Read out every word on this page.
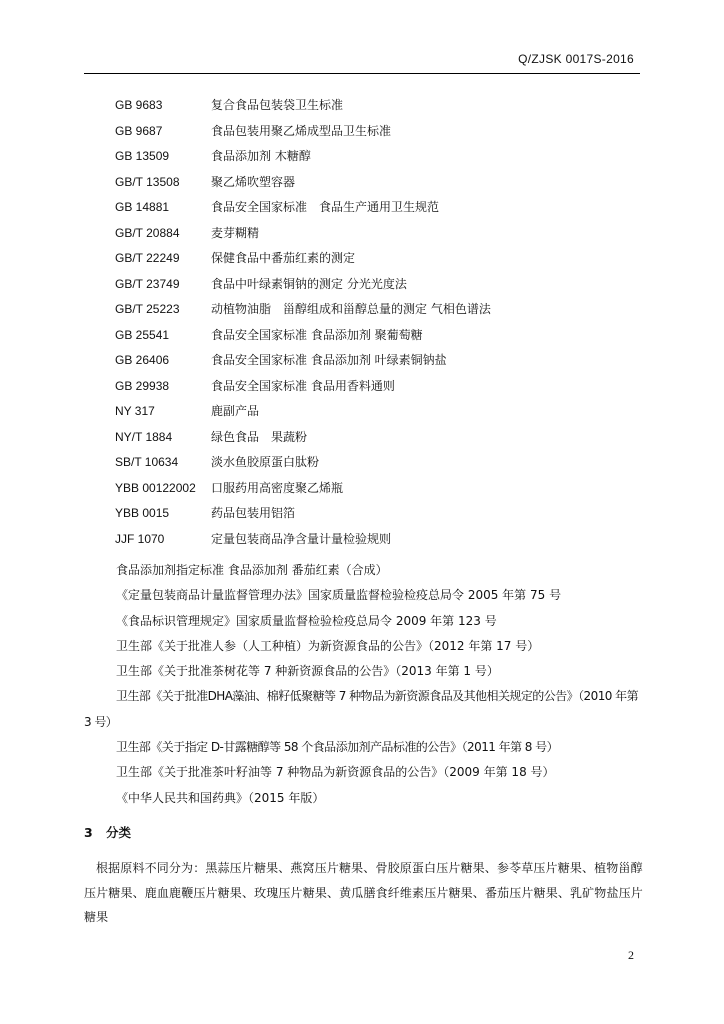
Q/ZJSK 0017S-2016
GB 9683	复合食品包装袋卫生标准
GB 9687	食品包装用聚乙烯成型品卫生标准
GB 13509	食品添加剂 木糖醇
GB/T 13508	聚乙烯吹塑容器
GB 14881	食品安全国家标准　食品生产通用卫生规范
GB/T 20884	麦芽糊精
GB/T 22249	保健食品中番茄红素的测定
GB/T 23749	食品中叶绿素铜钠的测定 分光光度法
GB/T 25223	动植物油脂　甾醇组成和甾醇总量的测定 气相色谱法
GB 25541	食品安全国家标准 食品添加剂 聚葡萄糖
GB 26406	食品安全国家标准 食品添加剂 叶绿素铜钠盐
GB 29938	食品安全国家标准 食品用香料通则
NY 317	鹿副产品
NY/T 1884	绿色食品　果蔬粉
SB/T 10634	淡水鱼胶原蛋白肽粉
YBB 00122002 口服药用高密度聚乙烯瓶
YBB 0015	药品包装用铝箔
JJF 1070	定量包装商品净含量计量检验规则
食品添加剂指定标准 食品添加剂 番茄红素（合成）
《定量包装商品计量监督管理办法》国家质量监督检验检疫总局令 2005 年第 75 号
《食品标识管理规定》国家质量监督检验检疫总局令 2009 年第 123 号
卫生部《关于批准人参（人工种植）为新资源食品的公告》（2012 年第 17 号）
卫生部《关于批准茶树花等 7 种新资源食品的公告》（2013 年第 1 号）
卫生部《关于批准DHA藻油、棉籽低聚糖等 7 种物品为新资源食品及其他相关规定的公告》（2010 年第 3 号）
卫生部《关于指定 D-甘露糖醇等 58 个食品添加剂产品标准的公告》（2011 年第 8 号）
卫生部《关于批准茶叶籽油等 7 种物品为新资源食品的公告》（2009 年第 18 号）
《中华人民共和国药典》（2015 年版）
3 分类
根据原料不同分为：黑蒜压片糖果、燕窝压片糖果、骨胶原蛋白压片糖果、参苓草压片糖果、植物甾醇压片糖果、鹿血鹿鞭压片糖果、玫瑰压片糖果、黄瓜膳食纤维素压片糖果、番茄压片糖果、乳矿物盐压片糖果
2
